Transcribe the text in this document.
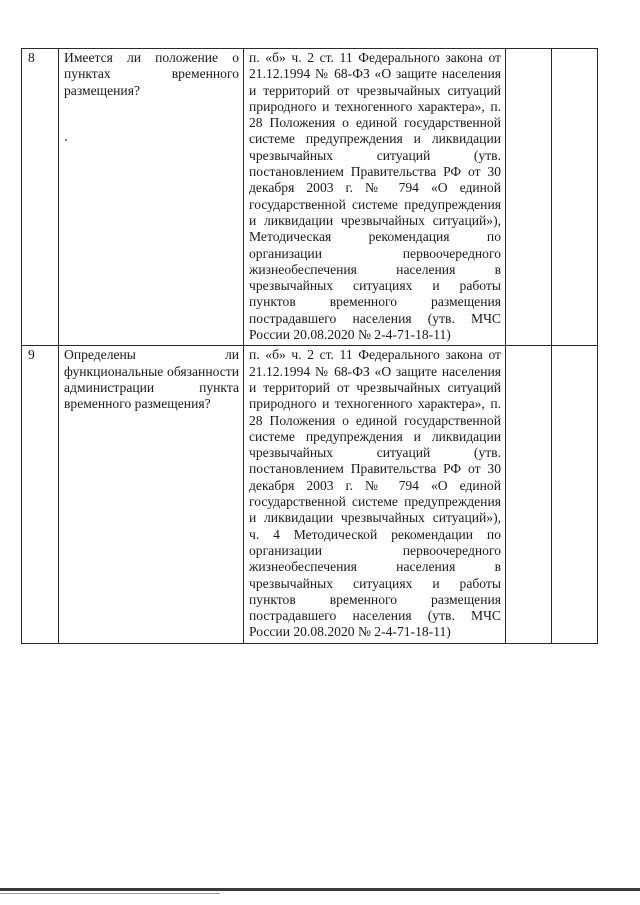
8	Имеется ли положение о пунктах временного размещения?	п. «б» ч. 2 ст. 11 Федерального закона от 21.12.1994 № 68-ФЗ «О защите населения и территорий от чрезвычайных ситуаций природного и техногенного характера», п. 28 Положения о единой государственной системе предупреждения и ликвидации чрезвычайных ситуаций (утв. постановлением Правительства РФ от 30 декабря 2003 г. № 794 «О единой государственной системе предупреждения и ликвидации чрезвычайных ситуаций»), Методическая рекомендация по организации первоочередного жизнеобеспечения населения в чрезвычайных ситуациях и работы пунктов временного размещения пострадавшего населения (утв. МЧС России 20.08.2020 № 2-4-71-18-11)		
9	Определены ли функциональные обязанности администрации пункта временного размещения?	п. «б» ч. 2 ст. 11 Федерального закона от 21.12.1994 № 68-ФЗ «О защите населения и территорий от чрезвычайных ситуаций природного и техногенного характера», п. 28 Положения о единой государственной системе предупреждения и ликвидации чрезвычайных ситуаций (утв. постановлением Правительства РФ от 30 декабря 2003 г. № 794 «О единой государственной системе предупреждения и ликвидации чрезвычайных ситуаций»), ч. 4 Методической рекомендации по организации первоочередного жизнеобеспечения населения в чрезвычайных ситуациях и работы пунктов временного размещения пострадавшего населения (утв. МЧС России 20.08.2020 № 2-4-71-18-11)		
